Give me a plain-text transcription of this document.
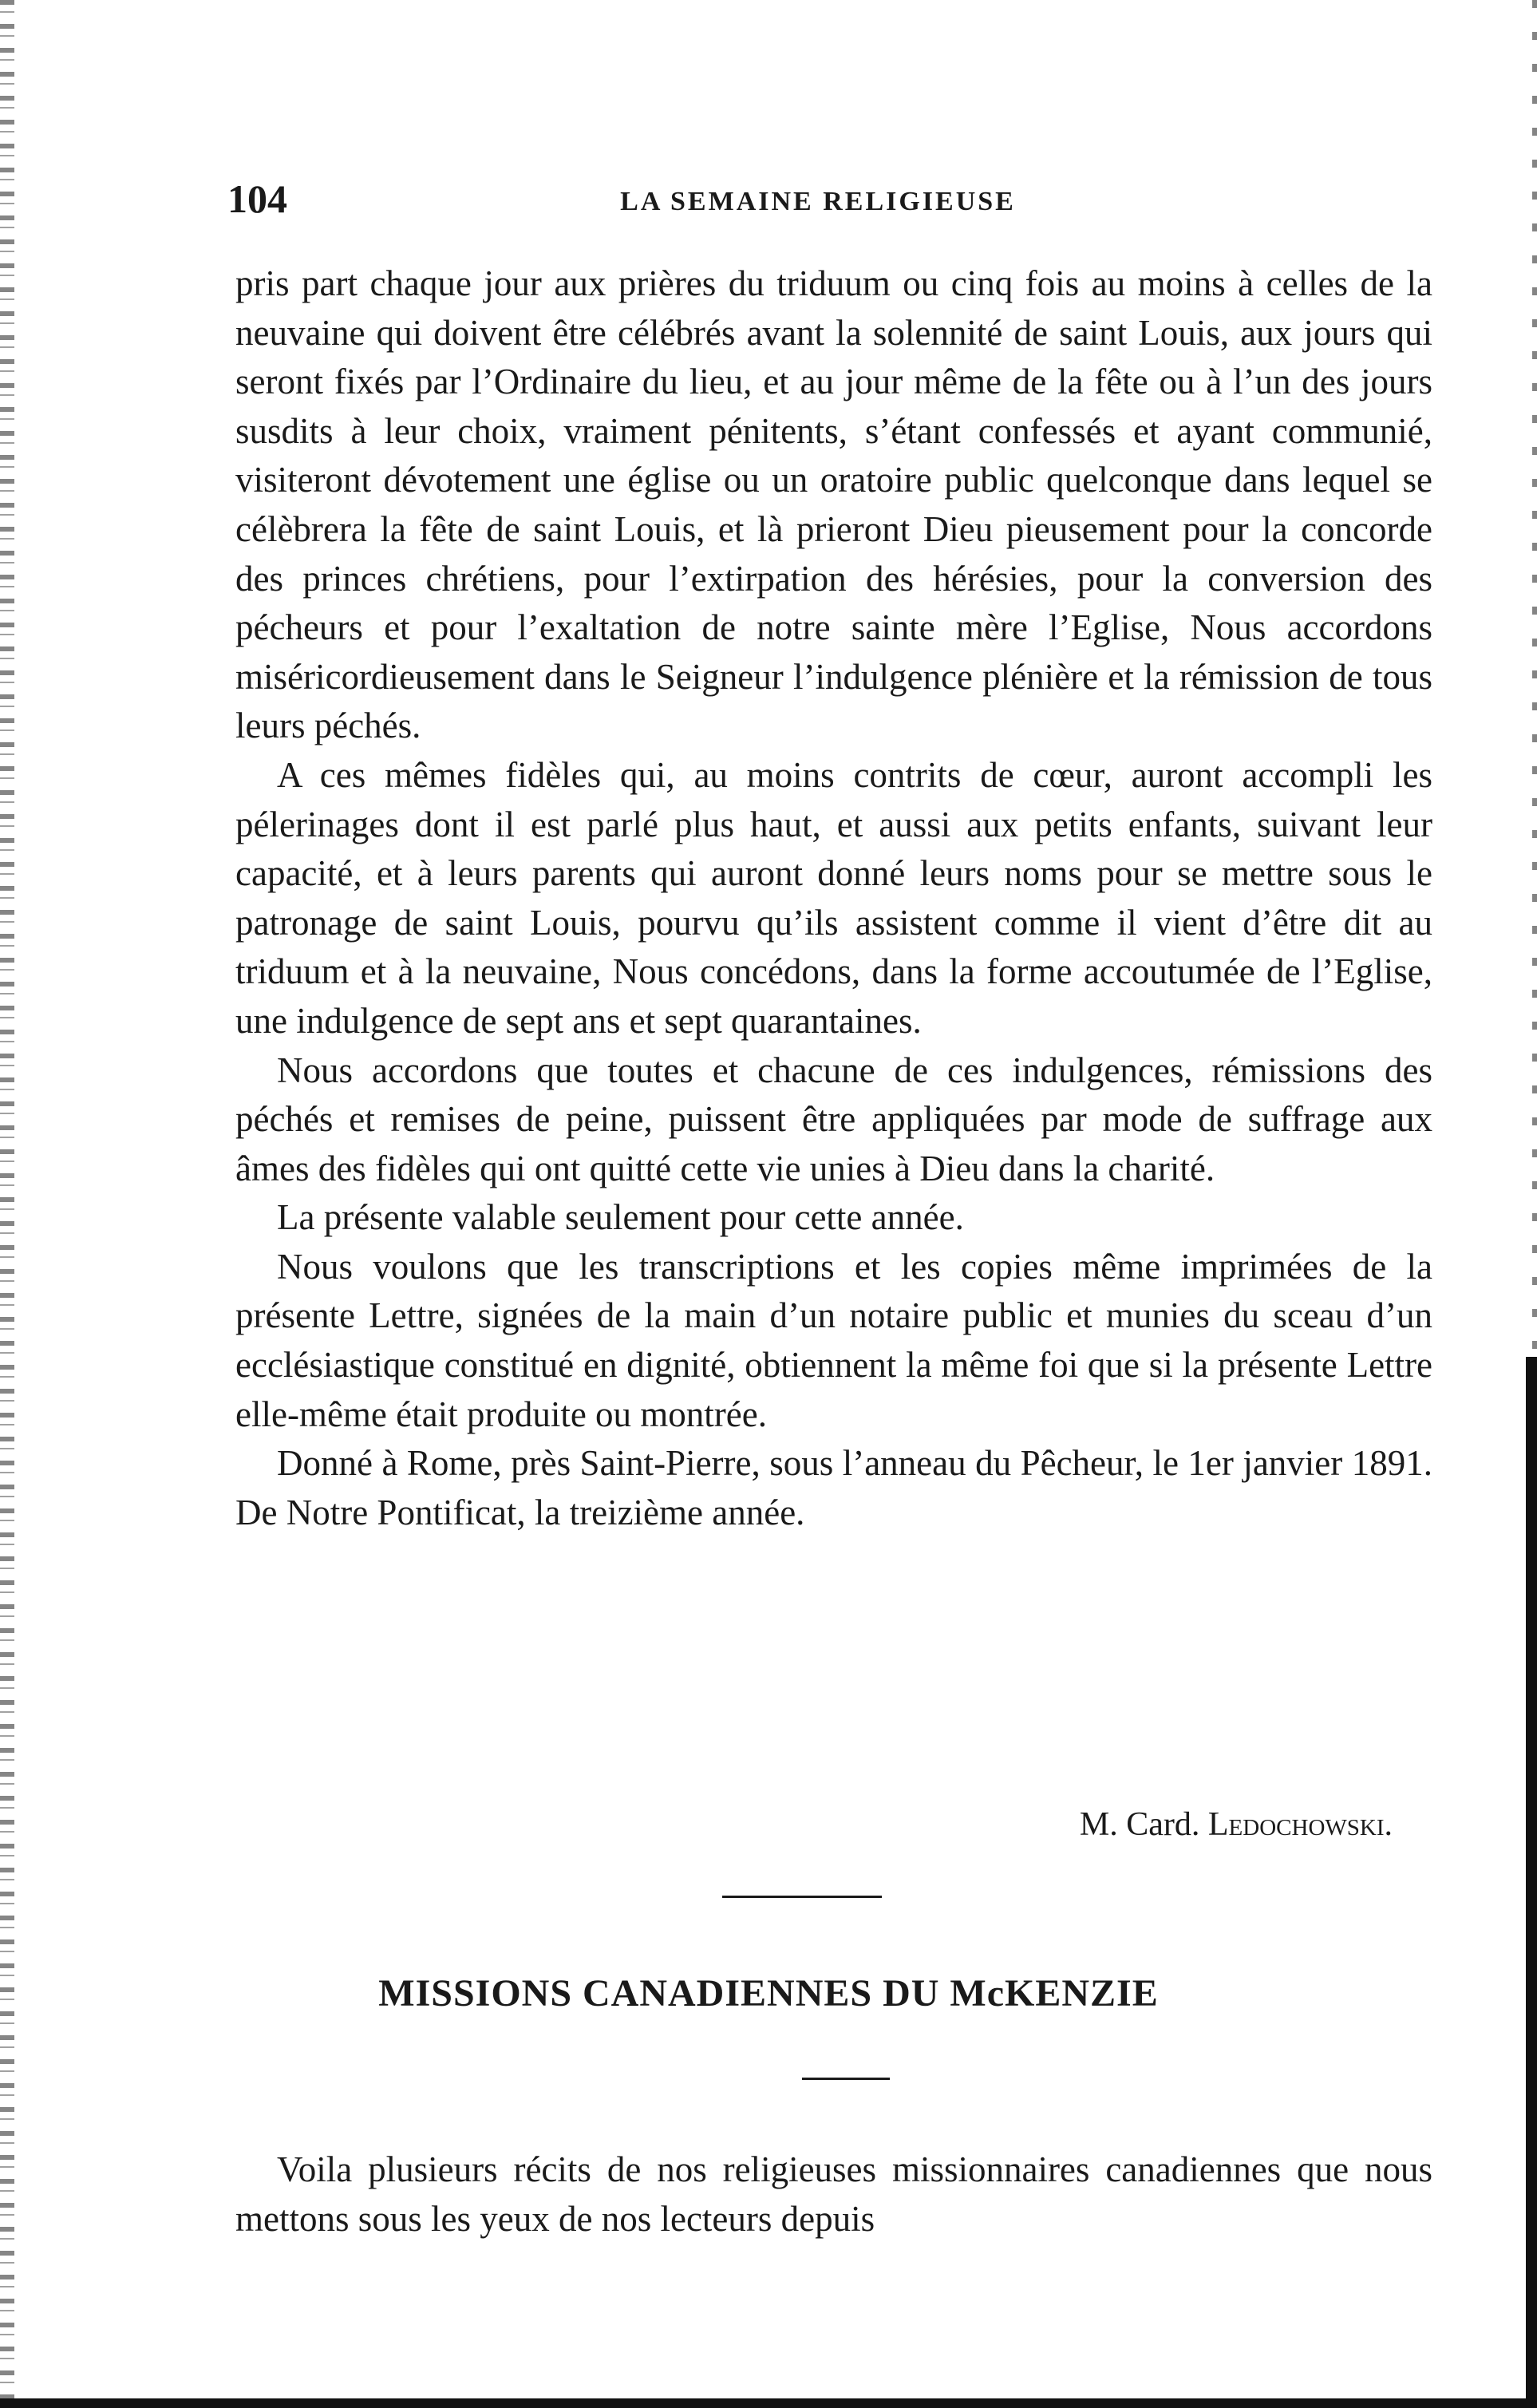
104	LA SEMAINE RELIGIEUSE

pris part chaque jour aux prières du triduum ou cinq fois au moins à celles de la neuvaine qui doivent être célébrés avant la solennité de saint Louis, aux jours qui seront fixés par l’Ordinaire du lieu, et au jour même de la fête ou à l’un des jours susdits à leur choix, vraiment pénitents, s’étant confessés et ayant communié, visiteront dévotement une église ou un oratoire public quelconque dans lequel se célèbrera la fête de saint Louis, et là prieront Dieu pieusement pour la concorde des princes chrétiens, pour l’extirpation des hérésies, pour la conversion des pécheurs et pour l’exaltation de notre sainte mère l’Eglise, Nous accordons miséricordieusement dans le Seigneur l’indulgence plénière et la rémission de tous leurs péchés.

A ces mêmes fidèles qui, au moins contrits de cœur, auront accompli les pélerinages dont il est parlé plus haut, et aussi aux petits enfants, suivant leur capacité, et à leurs parents qui auront donné leurs noms pour se mettre sous le patronage de saint Louis, pourvu qu’ils assistent comme il vient d’être dit au triduum et à la neuvaine, Nous concédons, dans la forme accoutumée de l’Eglise, une indulgence de sept ans et sept quarantaines.

Nous accordons que toutes et chacune de ces indulgences, rémissions des péchés et remises de peine, puissent être appliquées par mode de suffrage aux âmes des fidèles qui ont quitté cette vie unies à Dieu dans la charité.

La présente valable seulement pour cette année.

Nous voulons que les transcriptions et les copies même imprimées de la présente Lettre, signées de la main d’un notaire public et munies du sceau d’un ecclésiastique constitué en dignité, obtiennent la même foi que si la présente Lettre elle-même était produite ou montrée.

Donné à Rome, près Saint-Pierre, sous l’anneau du Pêcheur, le 1er janvier 1891. De Notre Pontificat, la treizième année.

M. Card. Ledochowski.
MISSIONS CANADIENNES DU McKENZIE

Voila plusieurs récits de nos religieuses missionnaires canadiennes que nous mettons sous les yeux de nos lecteurs depuis
